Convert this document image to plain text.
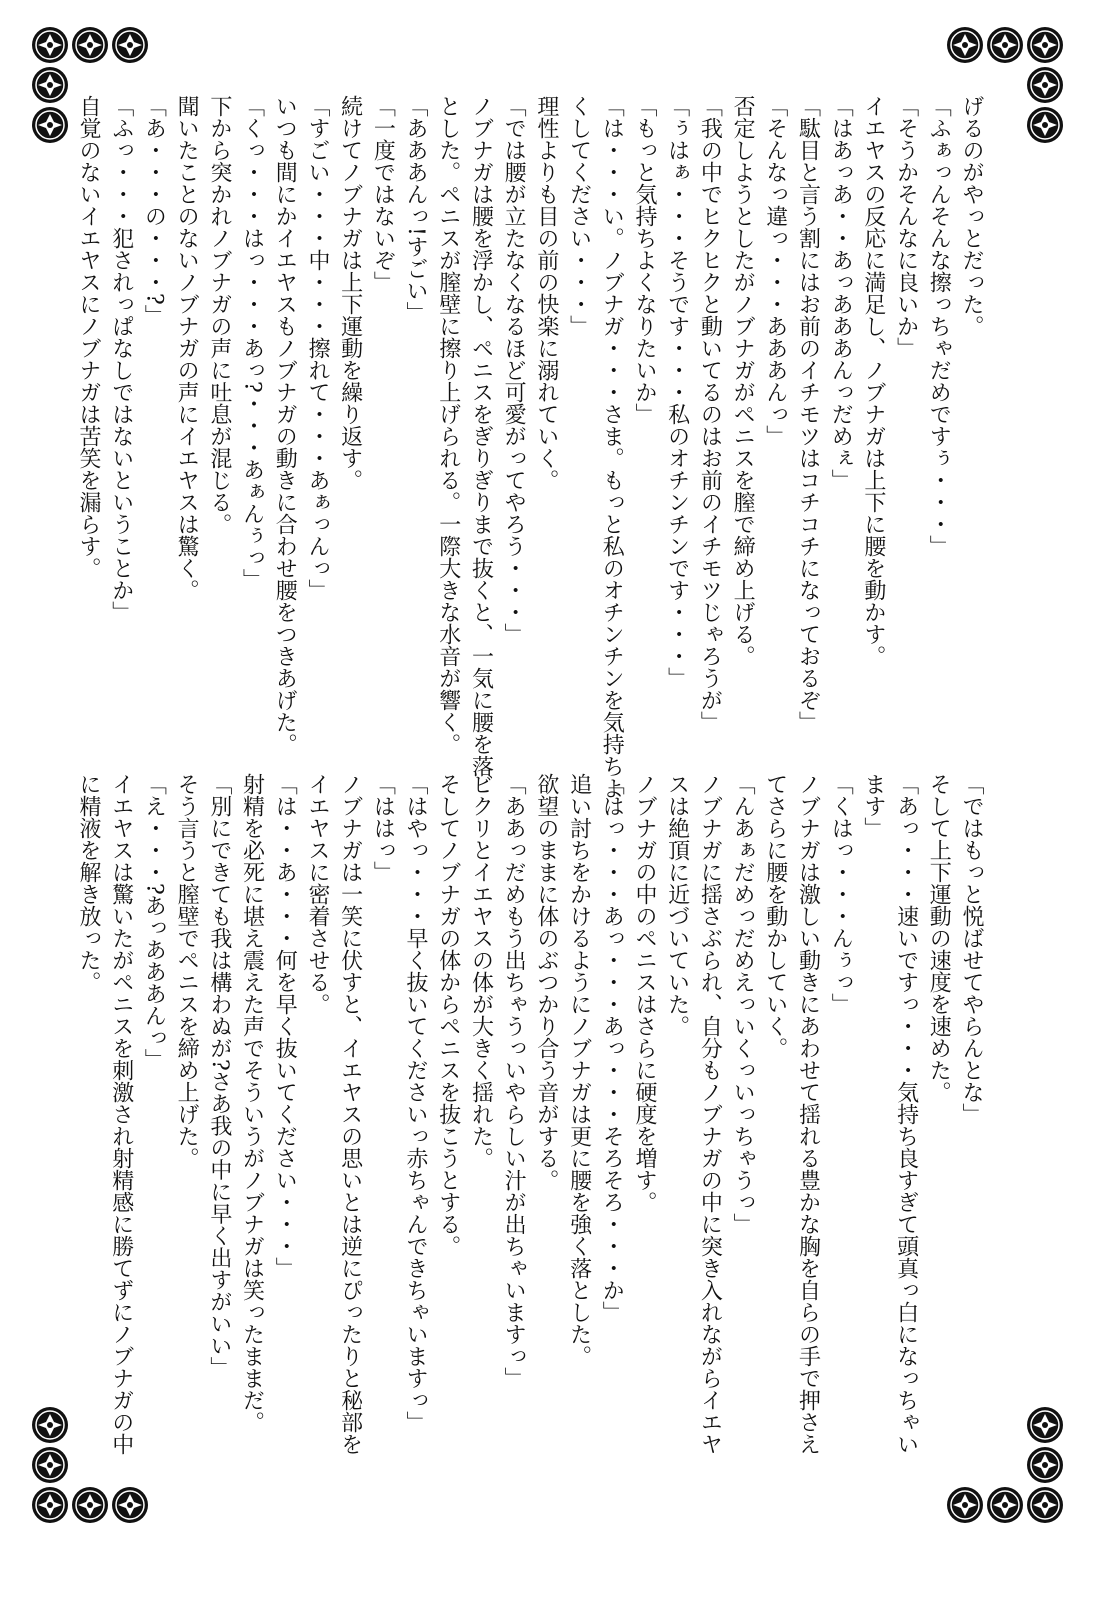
げるのがやっとだった。
「ふぁっんそんな擦っちゃだめですぅ・・・」
「そうかそんなに良いか」
イエヤスの反応に満足し、ノブナガは上下に腰を動かす。
「はあっあ・・あっあああんっだめぇ」
「駄目と言う割にはお前のイチモツはコチコチになっておるぞ」
「そんなっ違っ・・・あああんっ」
否定しようとしたがノブナガがペニスを膣で締め上げる。
「我の中でヒクヒクと動いてるのはお前のイチモツじゃろうが」
「ぅはぁ・・・そうです・・・私のオチンチンです・・・」
「もっと気持ちよくなりたいか」
「は・・・い。ノブナガ・・・さま。もっと私のオチンチンを気持ちよ
くしてください・・・」
理性よりも目の前の快楽に溺れていく。
「では腰が立たなくなるほど可愛がってやろう・・・」
ノブナガは腰を浮かし、ペニスをぎりぎりまで抜くと、一気に腰を落
とした。ペニスが膣壁に擦り上げられる。一際大きな水音が響く。
「あああんっ!すごい」
「一度ではないぞ」
続けてノブナガは上下運動を繰り返す。
「すごい・・・中・・・擦れて・・・あぁっんっ」
いつも間にかイエヤスもノブナガの動きに合わせ腰をつきあげた。
「くっ・・・はっ・・・あっ?・・・あぁんぅっ」
下から突かれノブナガの声に吐息が混じる。
聞いたことのないノブナガの声にイエヤスは驚く。
「あ・・・の・・・?」
「ふっ・・・犯されっぱなしではないということか」
自覚のないイエヤスにノブナガは苦笑を漏らす。
「ではもっと悦ばせてやらんとな」
そして上下運動の速度を速めた。
「あっ・・・速いですっ・・・気持ち良すぎて頭真っ白になっちゃい
ます」
「くはっ・・・んぅっ」
ノブナガは激しい動きにあわせて揺れる豊かな胸を自らの手で押さえ
てさらに腰を動かしていく。
「んあぁだめっだめえっいくっいっちゃうっ」
ノブナガに揺さぶられ、自分もノブナガの中に突き入れながらイエヤ
スは絶頂に近づいていた。
ノブナガの中のペニスはさらに硬度を増す。
「はっ・・・あっ・・・あっ・・・そろそろ・・・か」
追い討ちをかけるようにノブナガは更に腰を強く落とした。
欲望のままに体のぶつかり合う音がする。
「ああっだめもう出ちゃうっいやらしい汁が出ちゃいますっ」
ビクリとイエヤスの体が大きく揺れた。
そしてノブナガの体からペニスを抜こうとする。
「はやっ・・・早く抜いてくださいっ赤ちゃんできちゃいますっ」
「ははっ」
ノブナガは一笑に伏すと、イエヤスの思いとは逆にぴったりと秘部を
イエヤスに密着させる。
「は・・あ・・・何を早く抜いてください・・・」
射精を必死に堪え震えた声でそういうがノブナガは笑ったままだ。
「別にできても我は構わぬが?さあ我の中に早く出すがいい」
そう言うと膣壁でペニスを締め上げた。
「え・・・?あっあああんっ」
イエヤスは驚いたがペニスを刺激され射精感に勝てずにノブナガの中
に精液を解き放った。
